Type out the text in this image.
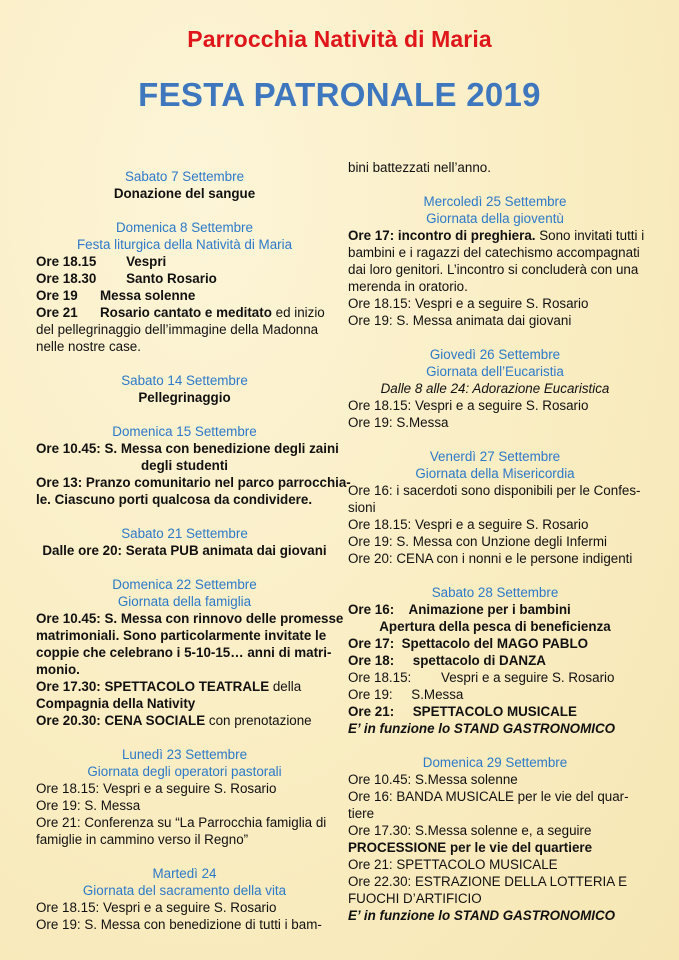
Parrocchia Natività di Maria
FESTA PATRONALE 2019
Sabato 7 Settembre
Donazione del sangue
Domenica 8 Settembre
Festa liturgica della Natività di Maria
Ore 18.15        Vespri
Ore 18.30        Santo Rosario
Ore 19      Messa solenne
Ore 21      Rosario cantato e meditato ed inizio
del pellegrinaggio dell’immagine della Madonna
nelle nostre case.
Sabato 14 Settembre
Pellegrinaggio
Domenica 15 Settembre
Ore 10.45: S. Messa con benedizione degli zaini
degli studenti
Ore 13: Pranzo comunitario nel parco parrocchia-
le. Ciascuno porti qualcosa da condividere.
Sabato 21 Settembre
Dalle ore 20: Serata PUB animata dai giovani
Domenica 22 Settembre
Giornata della famiglia
Ore 10.45: S. Messa con rinnovo delle promesse
matrimoniali. Sono particolarmente invitate le
coppie che celebrano i 5-10-15… anni di matri-
monio.
Ore 17.30: SPETTACOLO TEATRALE della
Compagnia della Nativity
Ore 20.30: CENA SOCIALE con prenotazione
Lunedì 23 Settembre
Giornata degli operatori pastorali
Ore 18.15: Vespri e a seguire S. Rosario
Ore 19: S. Messa
Ore 21: Conferenza su “La Parrocchia famiglia di
famiglie in cammino verso il Regno”
Martedì 24
Giornata del sacramento della vita
Ore 18.15: Vespri e a seguire S. Rosario
Ore 19: S. Messa con benedizione di tutti i bam-
bini battezzati nell’anno.
Mercoledì 25 Settembre
Giornata della gioventù
Ore 17: incontro di preghiera. Sono invitati tutti i
bambini e i ragazzi del catechismo accompagnati
dai loro genitori. L’incontro si concluderà con una
merenda in oratorio.
Ore 18.15: Vespri e a seguire S. Rosario
Ore 19: S. Messa animata dai giovani
Giovedì 26 Settembre
Giornata dell’Eucaristia
Dalle 8 alle 24: Adorazione Eucaristica
Ore 18.15: Vespri e a seguire S. Rosario
Ore 19: S.Messa
Venerdì 27 Settembre
Giornata della Misericordia
Ore 16: i sacerdoti sono disponibili per le Confes-
sioni
Ore 18.15: Vespri e a seguire S. Rosario
Ore 19: S. Messa con Unzione degli Infermi
Ore 20: CENA con i nonni e le persone indigenti
Sabato 28 Settembre
Ore 16:    Animazione per i bambini
Apertura della pesca di beneficienza
Ore 17:  Spettacolo del MAGO PABLO
Ore 18:     spettacolo di DANZA
Ore 18.15:        Vespri e a seguire S. Rosario
Ore 19:     S.Messa
Ore 21:     SPETTACOLO MUSICALE
E’ in funzione lo STAND GASTRONOMICO
Domenica 29 Settembre
Ore 10.45: S.Messa solenne
Ore 16: BANDA MUSICALE per le vie del quar-
tiere
Ore 17.30: S.Messa solenne e, a seguire
PROCESSIONE per le vie del quartiere
Ore 21: SPETTACOLO MUSICALE
Ore 22.30: ESTRAZIONE DELLA LOTTERIA E
FUOCHI D’ARTIFICIO
E’ in funzione lo STAND GASTRONOMICO
